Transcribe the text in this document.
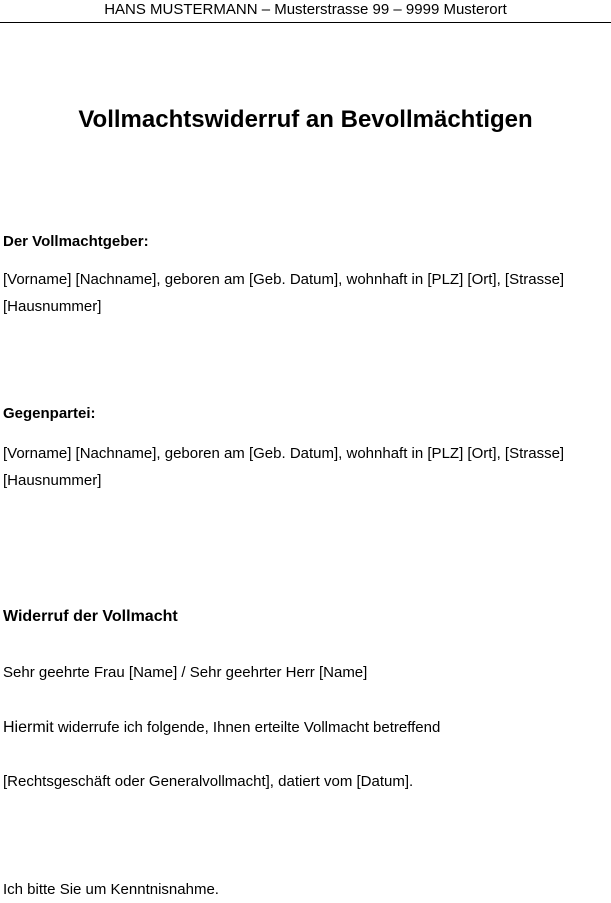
HANS MUSTERMANN – Musterstrasse 99 – 9999 Musterort
Vollmachtswiderruf an Bevollmächtigen

Der Vollmachtgeber:

[Vorname] [Nachname], geboren am [Geb. Datum], wohnhaft in [PLZ] [Ort], [Strasse] [Hausnummer]

Gegenpartei:

[Vorname] [Nachname], geboren am [Geb. Datum], wohnhaft in [PLZ] [Ort], [Strasse] [Hausnummer]

Widerruf der Vollmacht

Sehr geehrte Frau [Name] / Sehr geehrter Herr [Name]

Hiermit widerrufe ich folgende, Ihnen erteilte Vollmacht betreffend

[Rechtsgeschäft oder Generalvollmacht], datiert vom [Datum].

Ich bitte Sie um Kenntnisnahme.
